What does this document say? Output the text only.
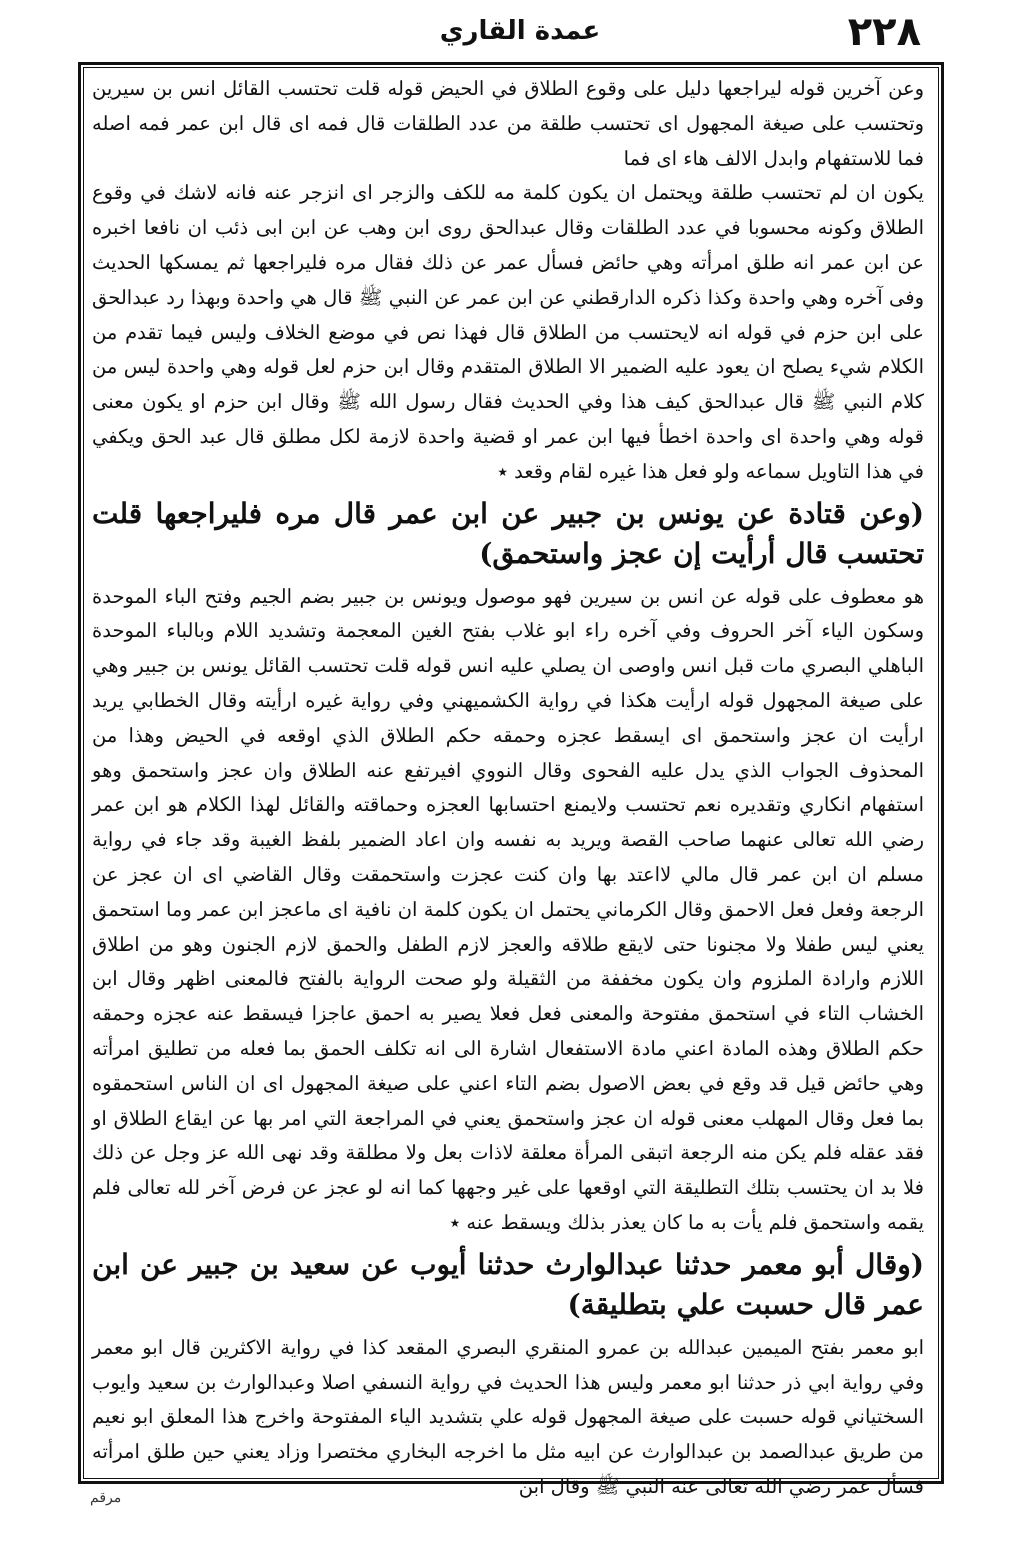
عمدة القاري	۲۲۸

وعن آخرين قوله ليراجعها دليل على وقوع الطلاق في الحيض قوله قلت تحتسب القائل انس بن سيرين وتحتسب على صيغة المجهول اى تحتسب طلقة من عدد الطلقات قال فمه اى قال ابن عمر فمه اصله فما للاستفهام وابدل الالف هاء اى فما

يكون ان لم تحتسب طلقة ويحتمل ان يكون كلمة مه للكف والزجر اى انزجر عنه فانه لاشك في وقوع الطلاق وكونه محسوبا في عدد الطلقات وقال عبدالحق روى ابن وهب عن ابن ابى ذئب ان نافعا اخبره عن ابن عمر انه طلق امرأته وهي حائض فسأل عمر عن ذلك فقال مره فليراجعها ثم يمسكها الحديث وفى آخره وهي واحدة وكذا ذكره الدارقطني عن ابن عمر عن النبي ﷺ قال هي واحدة وبهذا رد عبدالحق على ابن حزم في قوله انه لايحتسب من الطلاق قال فهذا نص في موضع الخلاف وليس فيما تقدم من الكلام شيء يصلح ان يعود عليه الضمير الا الطلاق المتقدم وقال ابن حزم لعل قوله وهي واحدة ليس من كلام النبي ﷺ قال عبدالحق كيف هذا وفي الحديث فقال رسول الله ﷺ وقال ابن حزم او يكون معنى قوله وهي واحدة اى واحدة اخطأ فيها ابن عمر او قضية واحدة لازمة لكل مطلق قال عبد الحق ويكفي في هذا التاويل سماعه ولو فعل هذا غيره لقام وقعد ٭

(وعن قتادة عن يونس بن جبير عن ابن عمر قال مره فليراجعها قلت تحتسب قال أرأيت إن عجز واستحمق)

هو معطوف على قوله عن انس بن سيرين فهو موصول ويونس بن جبير بضم الجيم وفتح الباء الموحدة وسكون الياء آخر الحروف وفي آخره راء ابو غلاب بفتح الغين المعجمة وتشديد اللام وبالباء الموحدة الباهلي البصري مات قبل انس واوصى ان يصلي عليه انس قوله قلت تحتسب القائل يونس بن جبير وهي على صيغة المجهول قوله ارأيت هكذا في رواية الكشميهني وفي رواية غيره ارأيته وقال الخطابي يريد ارأيت ان عجز واستحمق اى ايسقط عجزه وحمقه حكم الطلاق الذي اوقعه في الحيض وهذا من المحذوف الجواب الذي يدل عليه الفحوى وقال النووي افيرتفع عنه الطلاق وان عجز واستحمق وهو استفهام انكاري وتقديره نعم تحتسب ولايمنع احتسابها العجزه وحماقته والقائل لهذا الكلام هو ابن عمر رضي الله تعالى عنهما صاحب القصة ويريد به نفسه وان اعاد الضمير بلفظ الغيبة وقد جاء في رواية مسلم ان ابن عمر قال مالي لااعتد بها وان كنت عجزت واستحمقت وقال القاضي اى ان عجز عن الرجعة وفعل فعل الاحمق وقال الكرماني يحتمل ان يكون كلمة ان نافية اى ماعجز ابن عمر وما استحمق يعني ليس طفلا ولا مجنونا حتى لايقع طلاقه والعجز لازم الطفل والحمق لازم الجنون وهو من اطلاق اللازم وارادة الملزوم وان يكون مخففة من الثقيلة ولو صحت الرواية بالفتح فالمعنى اظهر وقال ابن الخشاب التاء في استحمق مفتوحة والمعنى فعل فعلا يصير به احمق عاجزا فيسقط عنه عجزه وحمقه حكم الطلاق وهذه المادة اعني مادة الاستفعال اشارة الى انه تكلف الحمق بما فعله من تطليق امرأته وهي حائض قيل قد وقع في بعض الاصول بضم التاء اعني على صيغة المجهول اى ان الناس استحمقوه بما فعل وقال المهلب معنى قوله ان عجز واستحمق يعني في المراجعة التي امر بها عن ايقاع الطلاق او فقد عقله فلم يكن منه الرجعة اتبقى المرأة معلقة لاذات بعل ولا مطلقة وقد نهى الله عز وجل عن ذلك فلا بد ان يحتسب بتلك التطليقة التي اوقعها على غير وجهها كما انه لو عجز عن فرض آخر لله تعالى فلم يقمه واستحمق فلم يأت به ما كان يعذر بذلك ويسقط عنه ٭

(وقال أبو معمر حدثنا عبدالوارث حدثنا أيوب عن سعيد بن جبير عن ابن عمر قال حسبت علي بتطليقة)

ابو معمر بفتح الميمين عبدالله بن عمرو المنقري البصري المقعد كذا في رواية الاكثرين قال ابو معمر وفي رواية ابي ذر حدثنا ابو معمر وليس هذا الحديث في رواية النسفي اصلا وعبدالوارث بن سعيد وايوب السختياني قوله حسبت على صيغة المجهول قوله علي بتشديد الياء المفتوحة واخرج هذا المعلق ابو نعيم من طريق عبدالصمد بن عبدالوارث عن ابيه مثل ما اخرجه البخاري مختصرا وزاد يعني حين طلق امرأته فسأل عمر رضي الله تعالى عنه النبي ﷺ وقال ابن

مرقم
